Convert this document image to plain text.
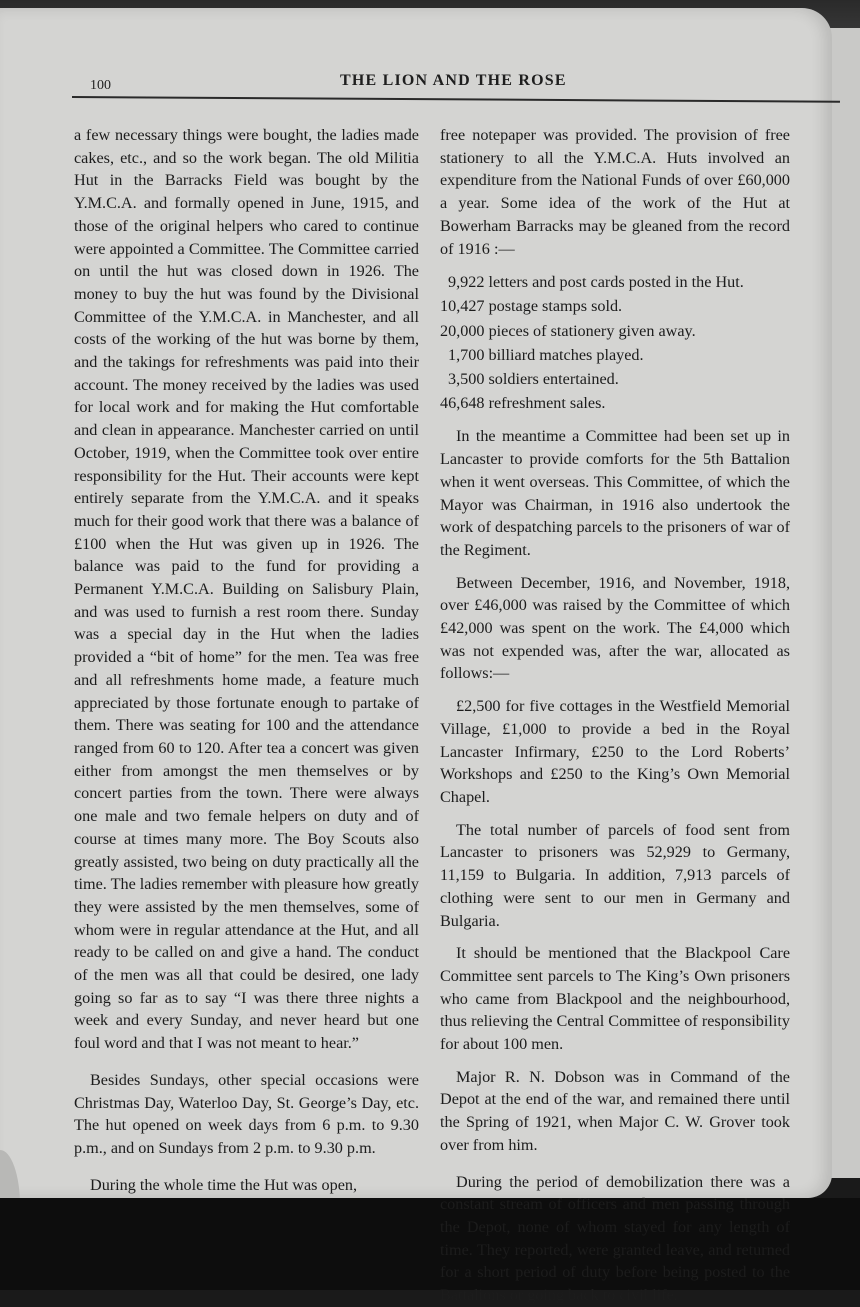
100	THE LION AND THE ROSE

a few necessary things were bought, the ladies made cakes, etc., and so the work began. The old Militia Hut in the Barracks Field was bought by the Y.M.C.A. and formally opened in June, 1915, and those of the original helpers who cared to continue were appointed a Committee. The Committee carried on until the hut was closed down in 1926. The money to buy the hut was found by the Divisional Committee of the Y.M.C.A. in Manchester, and all costs of the working of the hut was borne by them, and the takings for refreshments was paid into their account. The money received by the ladies was used for local work and for making the Hut comfortable and clean in appearance. Manchester carried on until October, 1919, when the Committee took over entire responsibility for the Hut. Their accounts were kept entirely separate from the Y.M.C.A. and it speaks much for their good work that there was a balance of £100 when the Hut was given up in 1926. The balance was paid to the fund for providing a Permanent Y.M.C.A. Building on Salisbury Plain, and was used to furnish a rest room there. Sunday was a special day in the Hut when the ladies provided a “bit of home” for the men. Tea was free and all refreshments home made, a feature much appreciated by those fortunate enough to partake of them. There was seating for 100 and the attendance ranged from 60 to 120. After tea a concert was given either from amongst the men themselves or by concert parties from the town. There were always one male and two female helpers on duty and of course at times many more. The Boy Scouts also greatly assisted, two being on duty practically all the time. The ladies remember with pleasure how greatly they were assisted by the men themselves, some of whom were in regular attendance at the Hut, and all ready to be called on and give a hand. The conduct of the men was all that could be desired, one lady going so far as to say “I was there three nights a week and every Sunday, and never heard but one foul word and that I was not meant to hear.”

Besides Sundays, other special occasions were Christmas Day, Waterloo Day, St. George’s Day, etc. The hut opened on week days from 6 p.m. to 9.30 p.m., and on Sundays from 2 p.m. to 9.30 p.m.

During the whole time the Hut was open,

free notepaper was provided. The provision of free stationery to all the Y.M.C.A. Huts involved an expenditure from the National Funds of over £60,000 a year. Some idea of the work of the Hut at Bowerham Barracks may be gleaned from the record of 1916 :—

9,922 letters and post cards posted in the Hut.
10,427 postage stamps sold.
20,000 pieces of stationery given away.
1,700 billiard matches played.
3,500 soldiers entertained.
46,648 refreshment sales.

In the meantime a Committee had been set up in Lancaster to provide comforts for the 5th Battalion when it went overseas. This Committee, of which the Mayor was Chairman, in 1916 also undertook the work of despatching parcels to the prisoners of war of the Regiment.

Between December, 1916, and November, 1918, over £46,000 was raised by the Committee of which £42,000 was spent on the work. The £4,000 which was not expended was, after the war, allocated as follows:—

£2,500 for five cottages in the Westfield Memorial Village, £1,000 to provide a bed in the Royal Lancaster Infirmary, £250 to the Lord Roberts’ Workshops and £250 to the King’s Own Memorial Chapel.

The total number of parcels of food sent from Lancaster to prisoners was 52,929 to Germany, 11,159 to Bulgaria. In addition, 7,913 parcels of clothing were sent to our men in Germany and Bulgaria.

It should be mentioned that the Blackpool Care Committee sent parcels to The King’s Own prisoners who came from Blackpool and the neighbourhood, thus relieving the Central Committee of responsibility for about 100 men.

Major R. N. Dobson was in Command of the Depot at the end of the war, and remained there until the Spring of 1921, when Major C. W. Grover took over from him.

During the period of demobilization there was a constant stream of officers and men passing through the Depot, none of whom stayed for any length of time. They reported, were granted leave, and returned for a short period of duty before being posted to the Battalions or going back to civil life.
